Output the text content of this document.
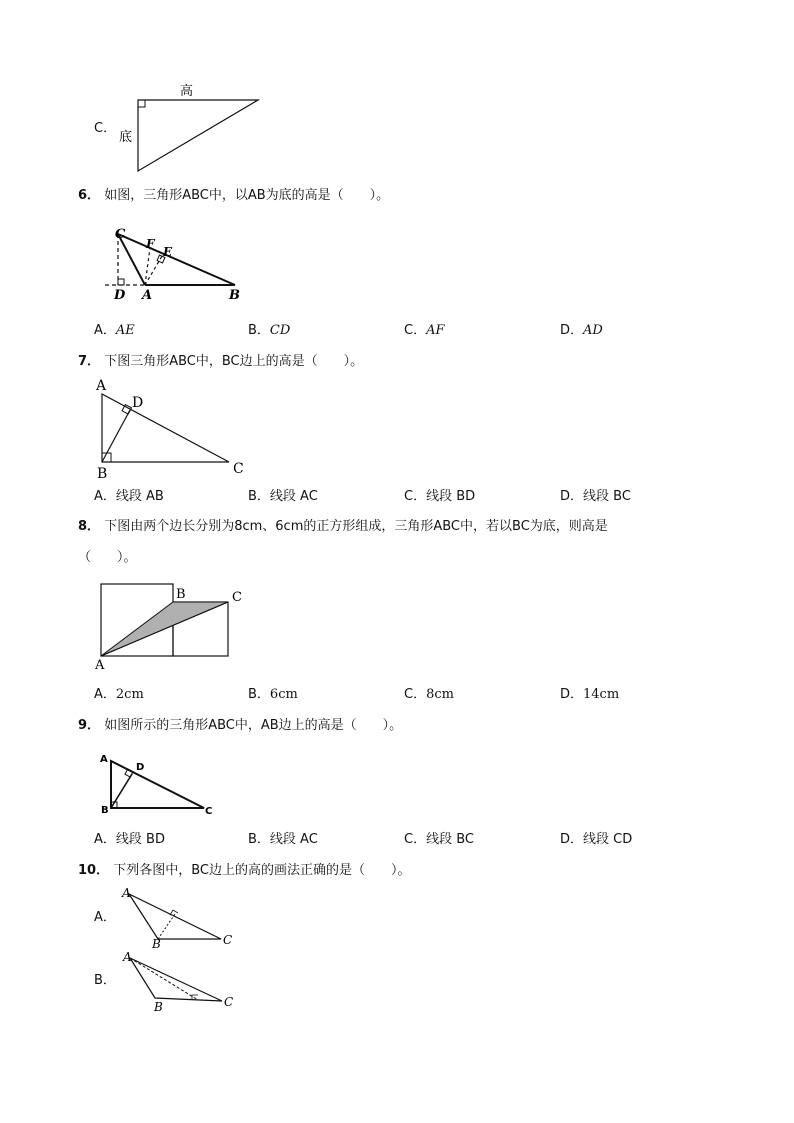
C．
高
底
6． 如图，三角形ABC中，以AB为底的高是（　　）。
C
F
E
D A	B
A．AE	B．CD	C．AF	D．AD
7． 下图三角形ABC中，BC边上的高是（　　）。
A
D
B	C
A．线段 AB	B．线段 AC	C．线段 BD	D．线段 BC
8． 下图由两个边长分别为8cm、6cm的正方形组成，三角形ABC中，若以BC为底，则高是
（　　）。
B	C
A
A．2cm	B．6cm	C．8cm	D．14cm
9． 如图所示的三角形ABC中，AB边上的高是（　　）。
A
D
B	C
A．线段 BD	B．线段 AC	C．线段 BC	D．线段 CD
10． 下列各图中，BC边上的高的画法正确的是（　　）。
A．
A
B	C
B．
A
B	C
